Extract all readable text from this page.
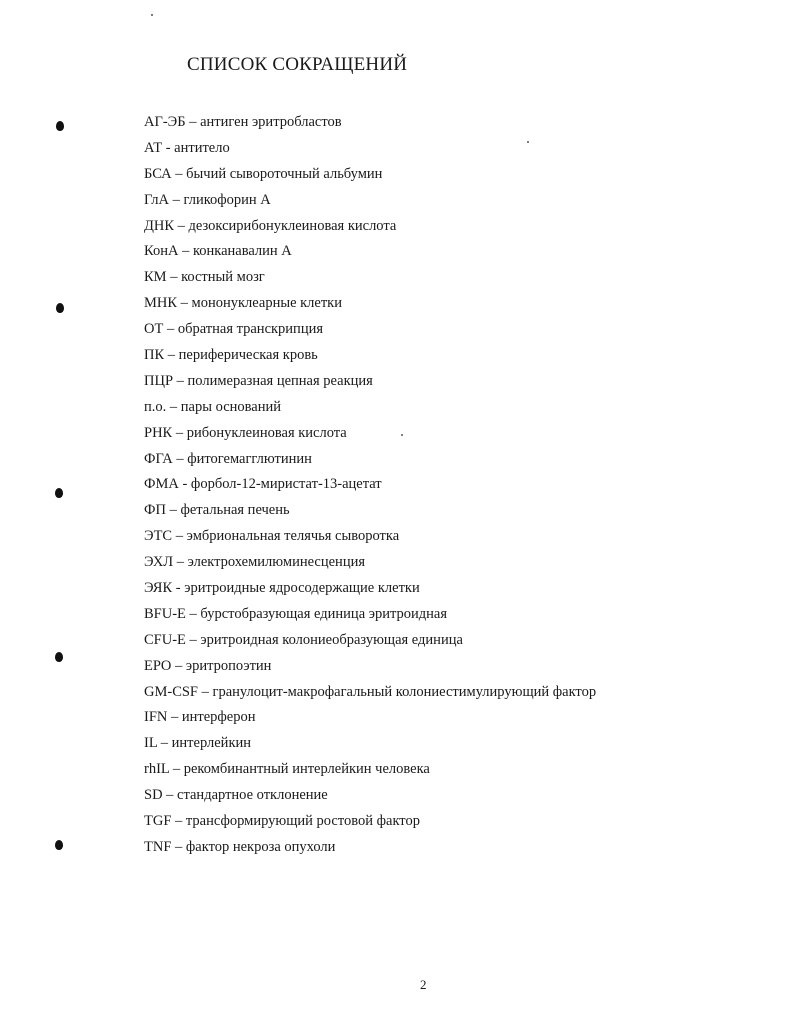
СПИСОК СОКРАЩЕНИЙ
АГ-ЭБ – антиген эритробластов
АТ - антитело
БСА – бычий сывороточный альбумин
ГлА – гликофорин А
ДНК – дезоксирибонуклеиновая кислота
КонА – конканавалин А
КМ – костный мозг
МНК – мононуклеарные клетки
ОТ – обратная транскрипция
ПК – периферическая кровь
ПЦР – полимеразная цепная реакция
п.о. – пары оснований
РНК – рибонуклеиновая кислота
ФГА – фитогемагглютинин
ФМА - форбол-12-миристат-13-ацетат
ФП – фетальная печень
ЭТС – эмбриональная телячья сыворотка
ЭХЛ – электрохемилюминесценция
ЭЯК - эритроидные ядросодержащие клетки
BFU-E – бурстобразующая единица эритроидная
CFU-E – эритроидная колониеобразующая единица
EPO – эритропоэтин
GM-CSF – гранулоцит-макрофагальный колониестимулирующий фактор
IFN – интерферон
IL – интерлейкин
rhIL – рекомбинантный интерлейкин человека
SD – стандартное отклонение
TGF – трансформирующий ростовой фактор
TNF – фактор некроза опухоли
2
